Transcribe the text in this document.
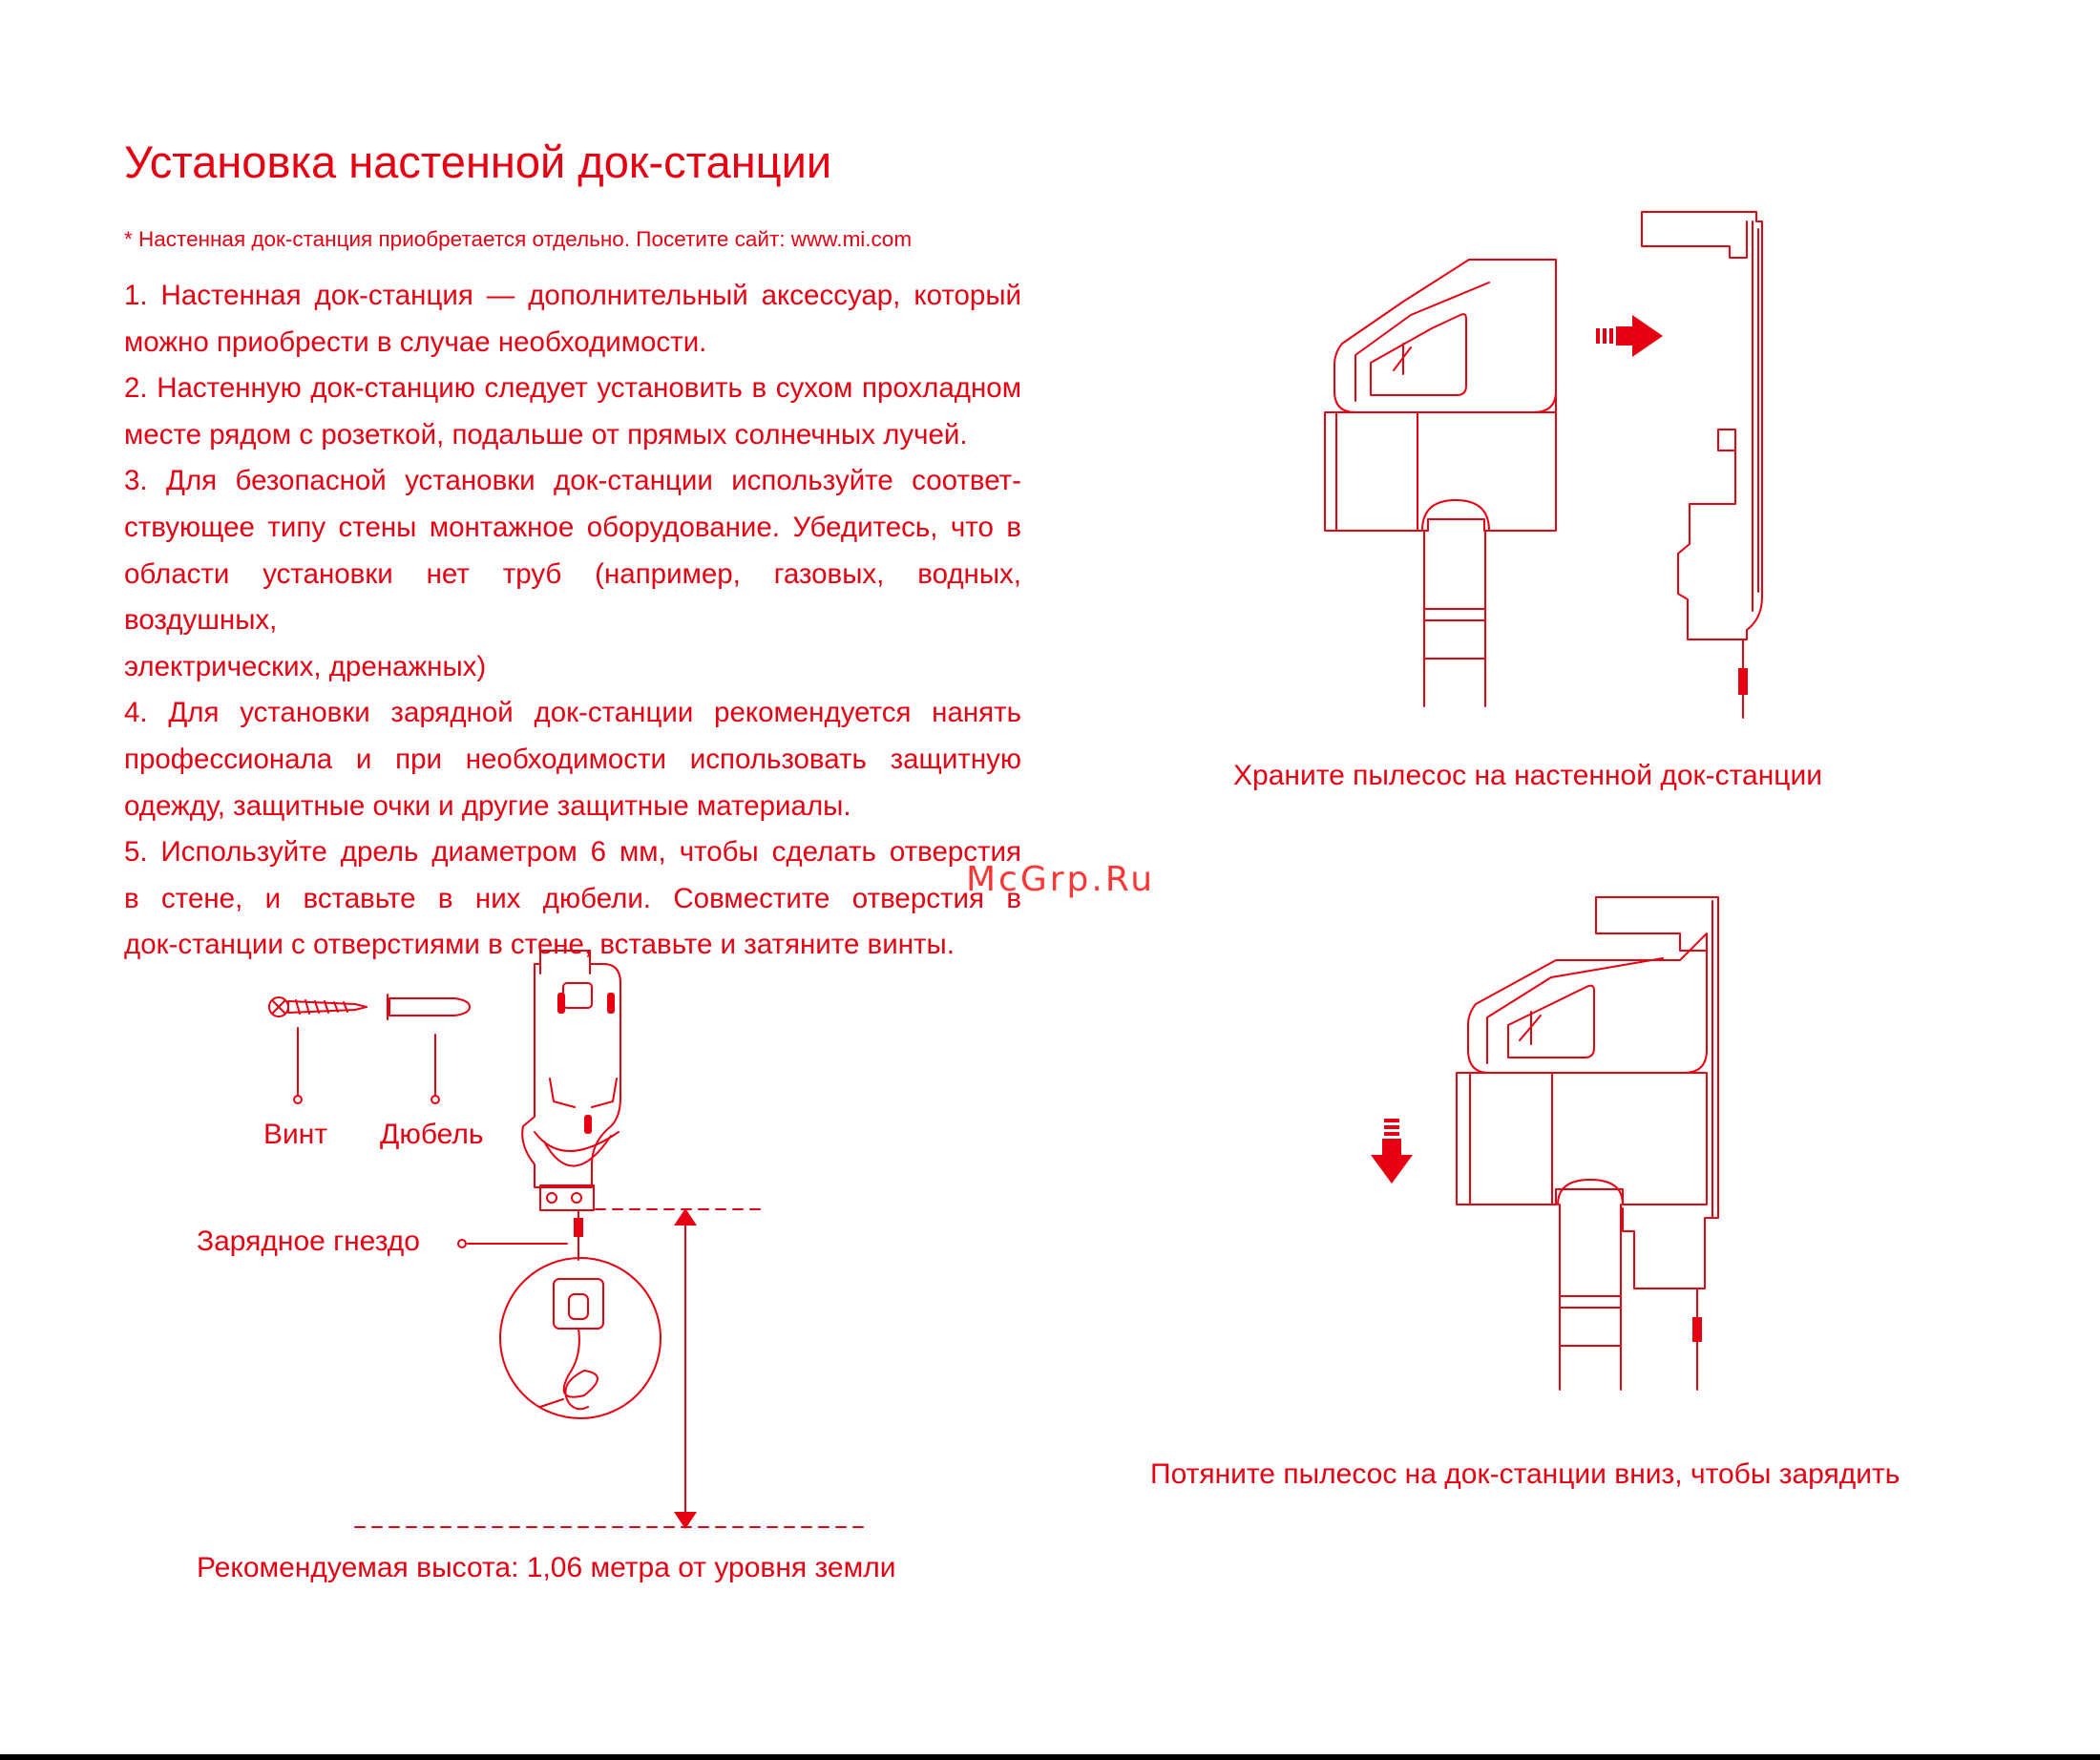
Установка настенной док-станции
* Настенная док-станция приобретается отдельно. Посетите сайт: www.mi.com

1. Настенная док-станция — дополнительный аксессуар, который

можно приобрести в случае необходимости.

2. Настенную док-станцию следует установить в сухом прохладном

месте рядом с розеткой, подальше от прямых солнечных лучей.

3. Для безопасной установки док-станции используйте соответ-

ствующее типу стены монтажное оборудование. Убедитесь, что в

области установки нет труб (например, газовых, водных, воздушных,

электрических, дренажных)

4. Для установки зарядной док-станции рекомендуется нанять

профессионала и при необходимости использовать защитную

одежду, защитные очки и другие защитные материалы.

5. Используйте дрель диаметром 6 мм, чтобы сделать отверстия

в стене, и вставьте в них дюбели. Совместите отверстия в

док-станции с отверстиями в стене, вставьте и затяните винты.

Винт Дюбель
Зарядное гнездо
Рекомендуемая высота: 1,06 метра от уровня земли
Храните пылесос на настенной док-станции
Потяните пылесос на док-станции вниз, чтобы зарядить
McGrp.Ru
